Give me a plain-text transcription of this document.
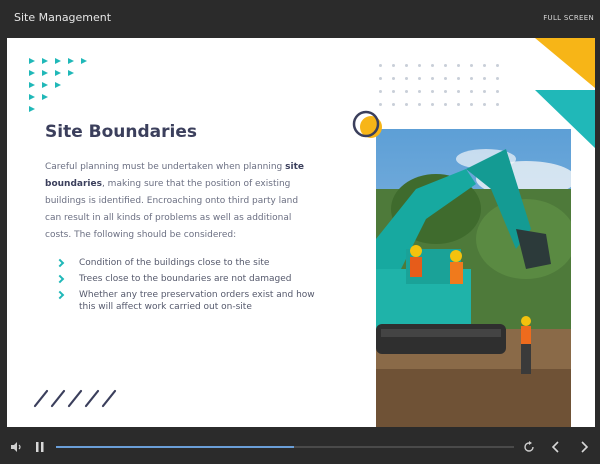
Site Management	FULL SCREEN
Site Boundaries
Careful planning must be undertaken when planning site boundaries, making sure that the position of existing buildings is identified. Encroaching onto third party land can result in all kinds of problems as well as additional costs. The following should be considered:
Condition of the buildings close to the site
Trees close to the boundaries are not damaged
Whether any tree preservation orders exist and how this will affect work carried out on-site
